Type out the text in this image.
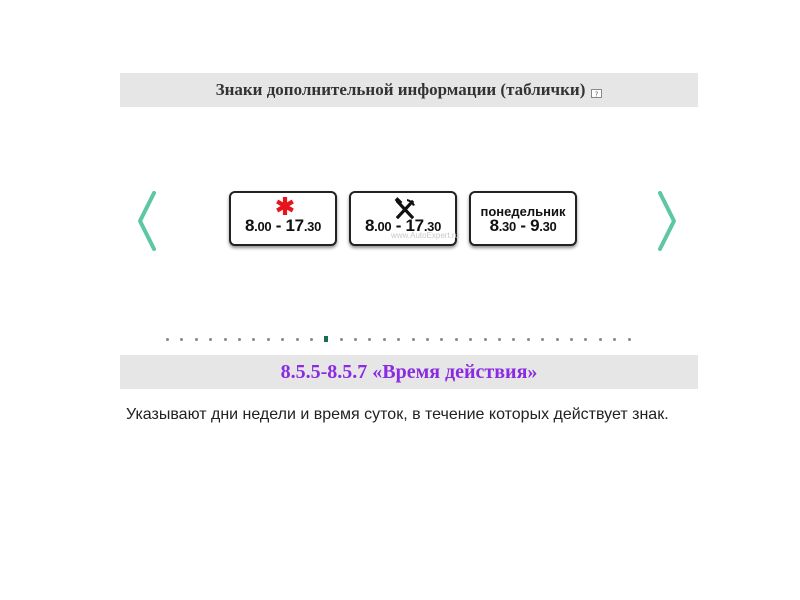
Знаки дополнительной информации (таблички) ?
8.00 - 17.30
www.AutoExpert.ru
8.00 - 17.30
понедельник
8.30 - 9.30
8.5.5-8.5.7 «Время действия»
Указывают дни недели и время суток, в течение которых действует знак.
